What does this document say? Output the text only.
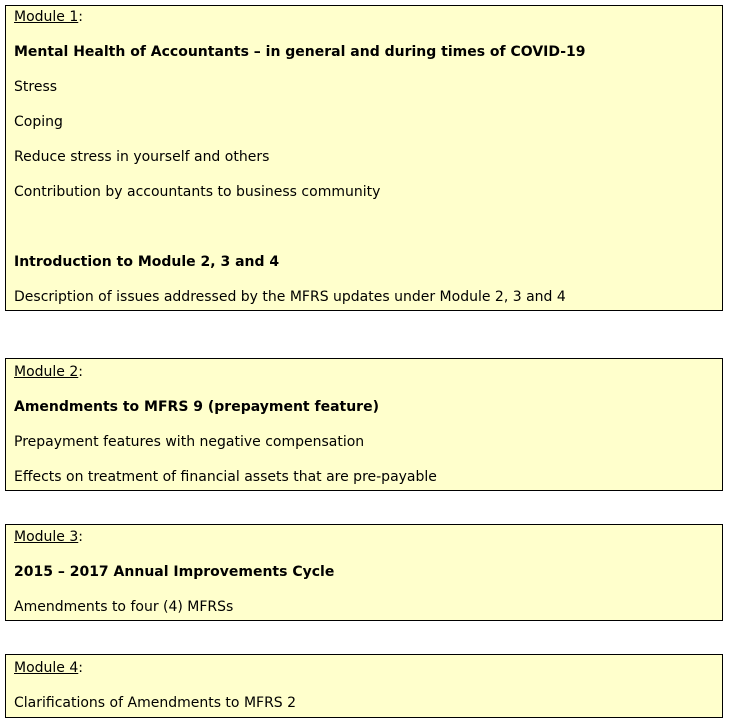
Module 1:
Mental Health of Accountants – in general and during times of COVID-19
Stress
Coping
Reduce stress in yourself and others
Contribution by accountants to business community
Introduction to Module 2, 3 and 4
Description of issues addressed by the MFRS updates under Module 2, 3 and 4
Module 2:
Amendments to MFRS 9 (prepayment feature)
Prepayment features with negative compensation
Effects on treatment of financial assets that are pre-payable
Module 3:
2015 – 2017 Annual Improvements Cycle
Amendments to four (4) MFRSs
Module 4:
Clarifications of Amendments to MFRS 2
